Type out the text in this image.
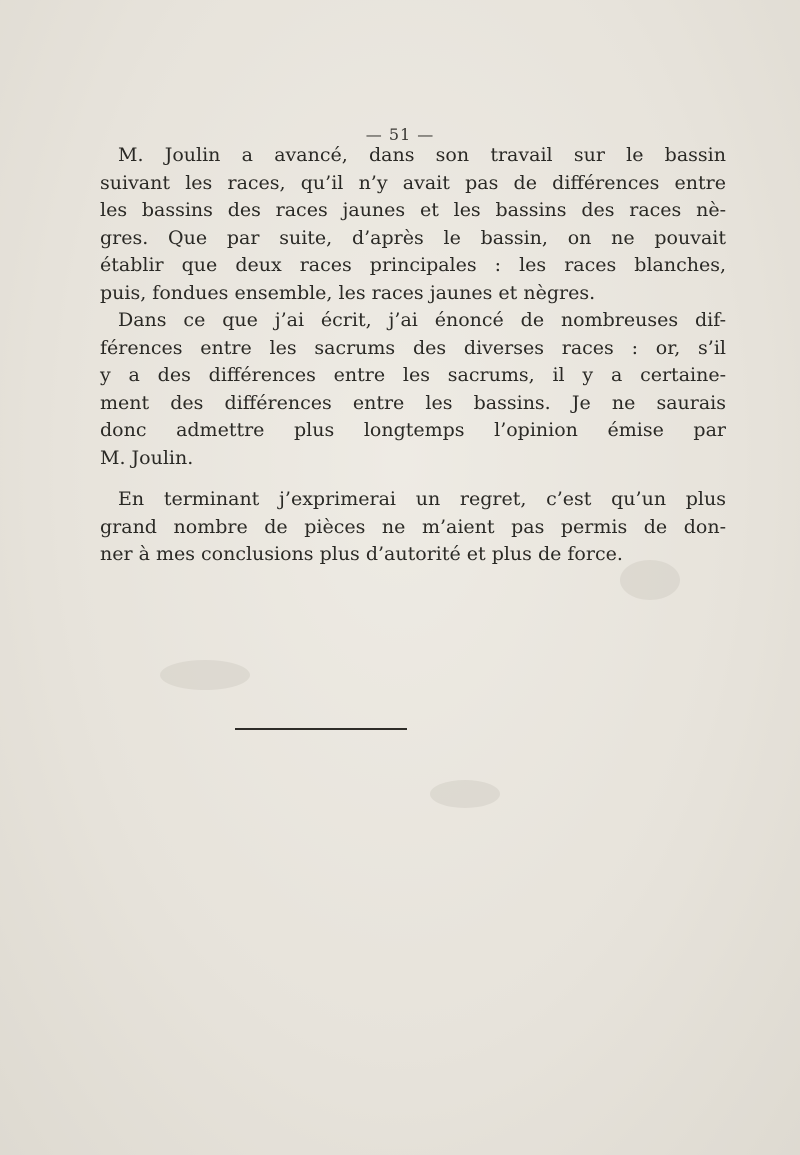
— 51 —
M. Joulin a avancé, dans son travail sur le bassin
suivant les races, qu’il n’y avait pas de différences entre
les bassins des races jaunes et les bassins des races nè-
gres. Que par suite, d’après le bassin, on ne pouvait
établir que deux races principales : les races blanches,
puis, fondues ensemble, les races jaunes et nègres.
Dans ce que j’ai écrit, j’ai énoncé de nombreuses dif-
férences entre les sacrums des diverses races : or, s’il
y a des différences entre les sacrums, il y a certaine-
ment des différences entre les bassins. Je ne saurais
donc admettre plus longtemps l’opinion émise par
M. Joulin.
En terminant j’exprimerai un regret, c’est qu’un plus
grand nombre de pièces ne m’aient pas permis de don-
ner à mes conclusions plus d’autorité et plus de force.
